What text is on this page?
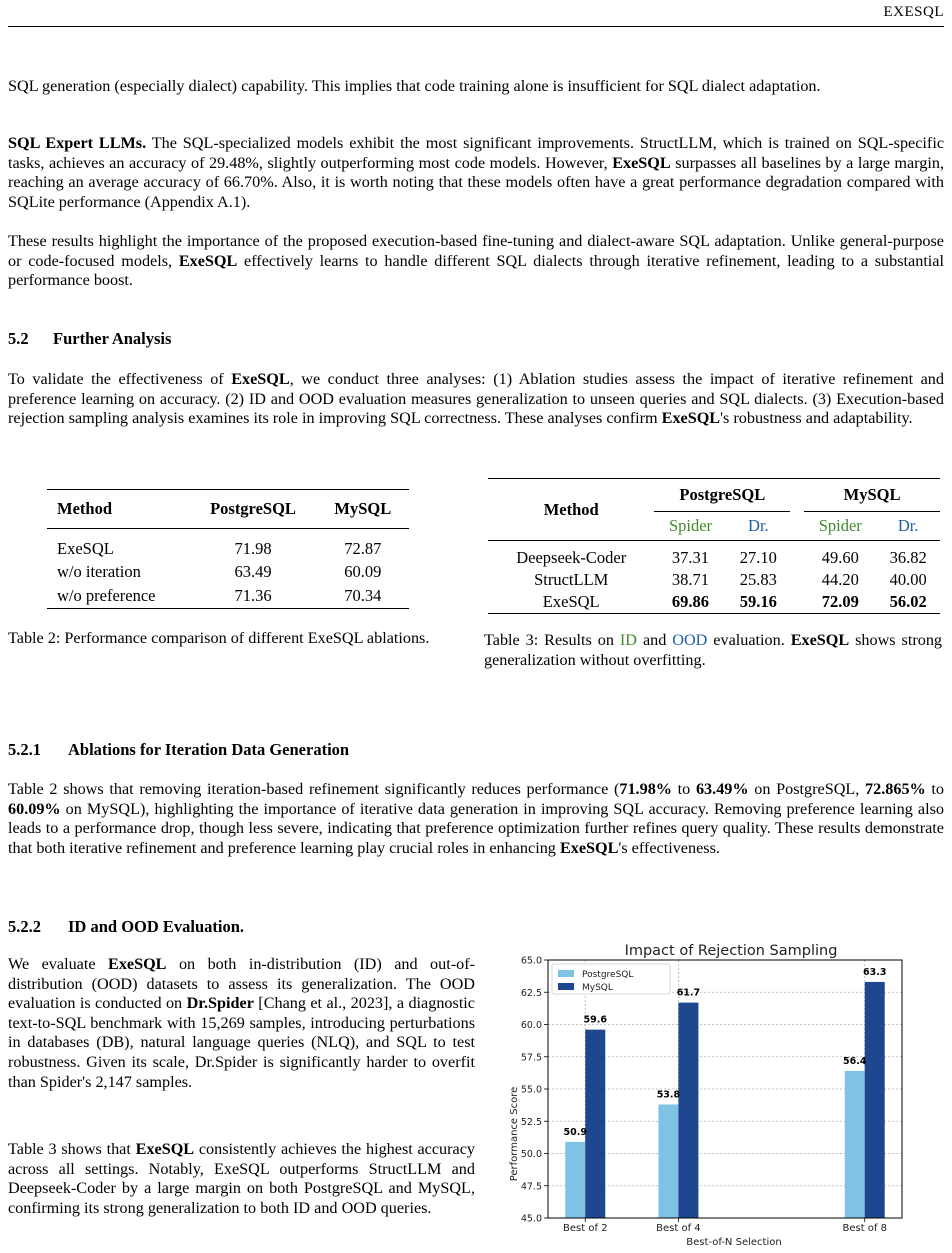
EXESQL
SQL generation (especially dialect) capability. This implies that code training alone is insufficient for SQL dialect adaptation.
SQL Expert LLMs. The SQL-specialized models exhibit the most significant improvements. StructLLM, which is trained on SQL-specific tasks, achieves an accuracy of 29.48%, slightly outperforming most code models. However, ExeSQL surpasses all baselines by a large margin, reaching an average accuracy of 66.70%. Also, it is worth noting that these models often have a great performance degradation compared with SQLite performance (Appendix A.1).
These results highlight the importance of the proposed execution-based fine-tuning and dialect-aware SQL adaptation. Unlike general-purpose or code-focused models, ExeSQL effectively learns to handle different SQL dialects through iterative refinement, leading to a substantial performance boost.
5.2 Further Analysis
To validate the effectiveness of ExeSQL, we conduct three analyses: (1) Ablation studies assess the impact of iterative refinement and preference learning on accuracy. (2) ID and OOD evaluation measures generalization to unseen queries and SQL dialects. (3) Execution-based rejection sampling analysis examines its role in improving SQL correctness. These analyses confirm ExeSQL's robustness and adaptability.
Method	PostgreSQL	MySQL
ExeSQL	71.98	72.87
w/o iteration	63.49	60.09
w/o preference	71.36	70.34
Table 2: Performance comparison of different ExeSQL ablations.
Method	PostgreSQL			MySQL	
	Spider	Dr.		Spider	Dr.
Deepseek-Coder	37.31	27.10		49.60	36.82
StructLLM	38.71	25.83		44.20	40.00
ExeSQL	69.86	59.16		72.09	56.02
Table 3: Results on ID and OOD evaluation. ExeSQL shows strong generalization without overfitting.
5.2.1 Ablations for Iteration Data Generation
Table 2 shows that removing iteration-based refinement significantly reduces performance (71.98% to 63.49% on PostgreSQL, 72.865% to 60.09% on MySQL), highlighting the importance of iterative data generation in improving SQL accuracy. Removing preference learning also leads to a performance drop, though less severe, indicating that preference optimization further refines query quality. These results demonstrate that both iterative refinement and preference learning play crucial roles in enhancing ExeSQL's effectiveness.
5.2.2 ID and OOD Evaluation.
We evaluate ExeSQL on both in-distribution (ID) and out-of-distribution (OOD) datasets to assess its generalization. The OOD evaluation is conducted on Dr.Spider [Chang et al., 2023], a diagnostic text-to-SQL benchmark with 15,269 samples, introducing perturbations in databases (DB), natural language queries (NLQ), and SQL to test robustness. Given its scale, Dr.Spider is significantly harder to overfit than Spider's 2,147 samples.
Table 3 shows that ExeSQL consistently achieves the highest accuracy across all settings. Notably, ExeSQL outperforms StructLLM and Deepseek-Coder by a large margin on both PostgreSQL and MySQL, confirming its strong generalization to both ID and OOD queries.
Impact of Rejection Sampling
50.9
53.8
56.4
59.6
61.7
63.3
45.0
47.5
50.0
52.5
55.0
57.5
60.0
62.5
65.0
Best of 2	Best of 4	Best of 8
PostgreSQL
MySQL
Best-of-N Selection
Performance Score
